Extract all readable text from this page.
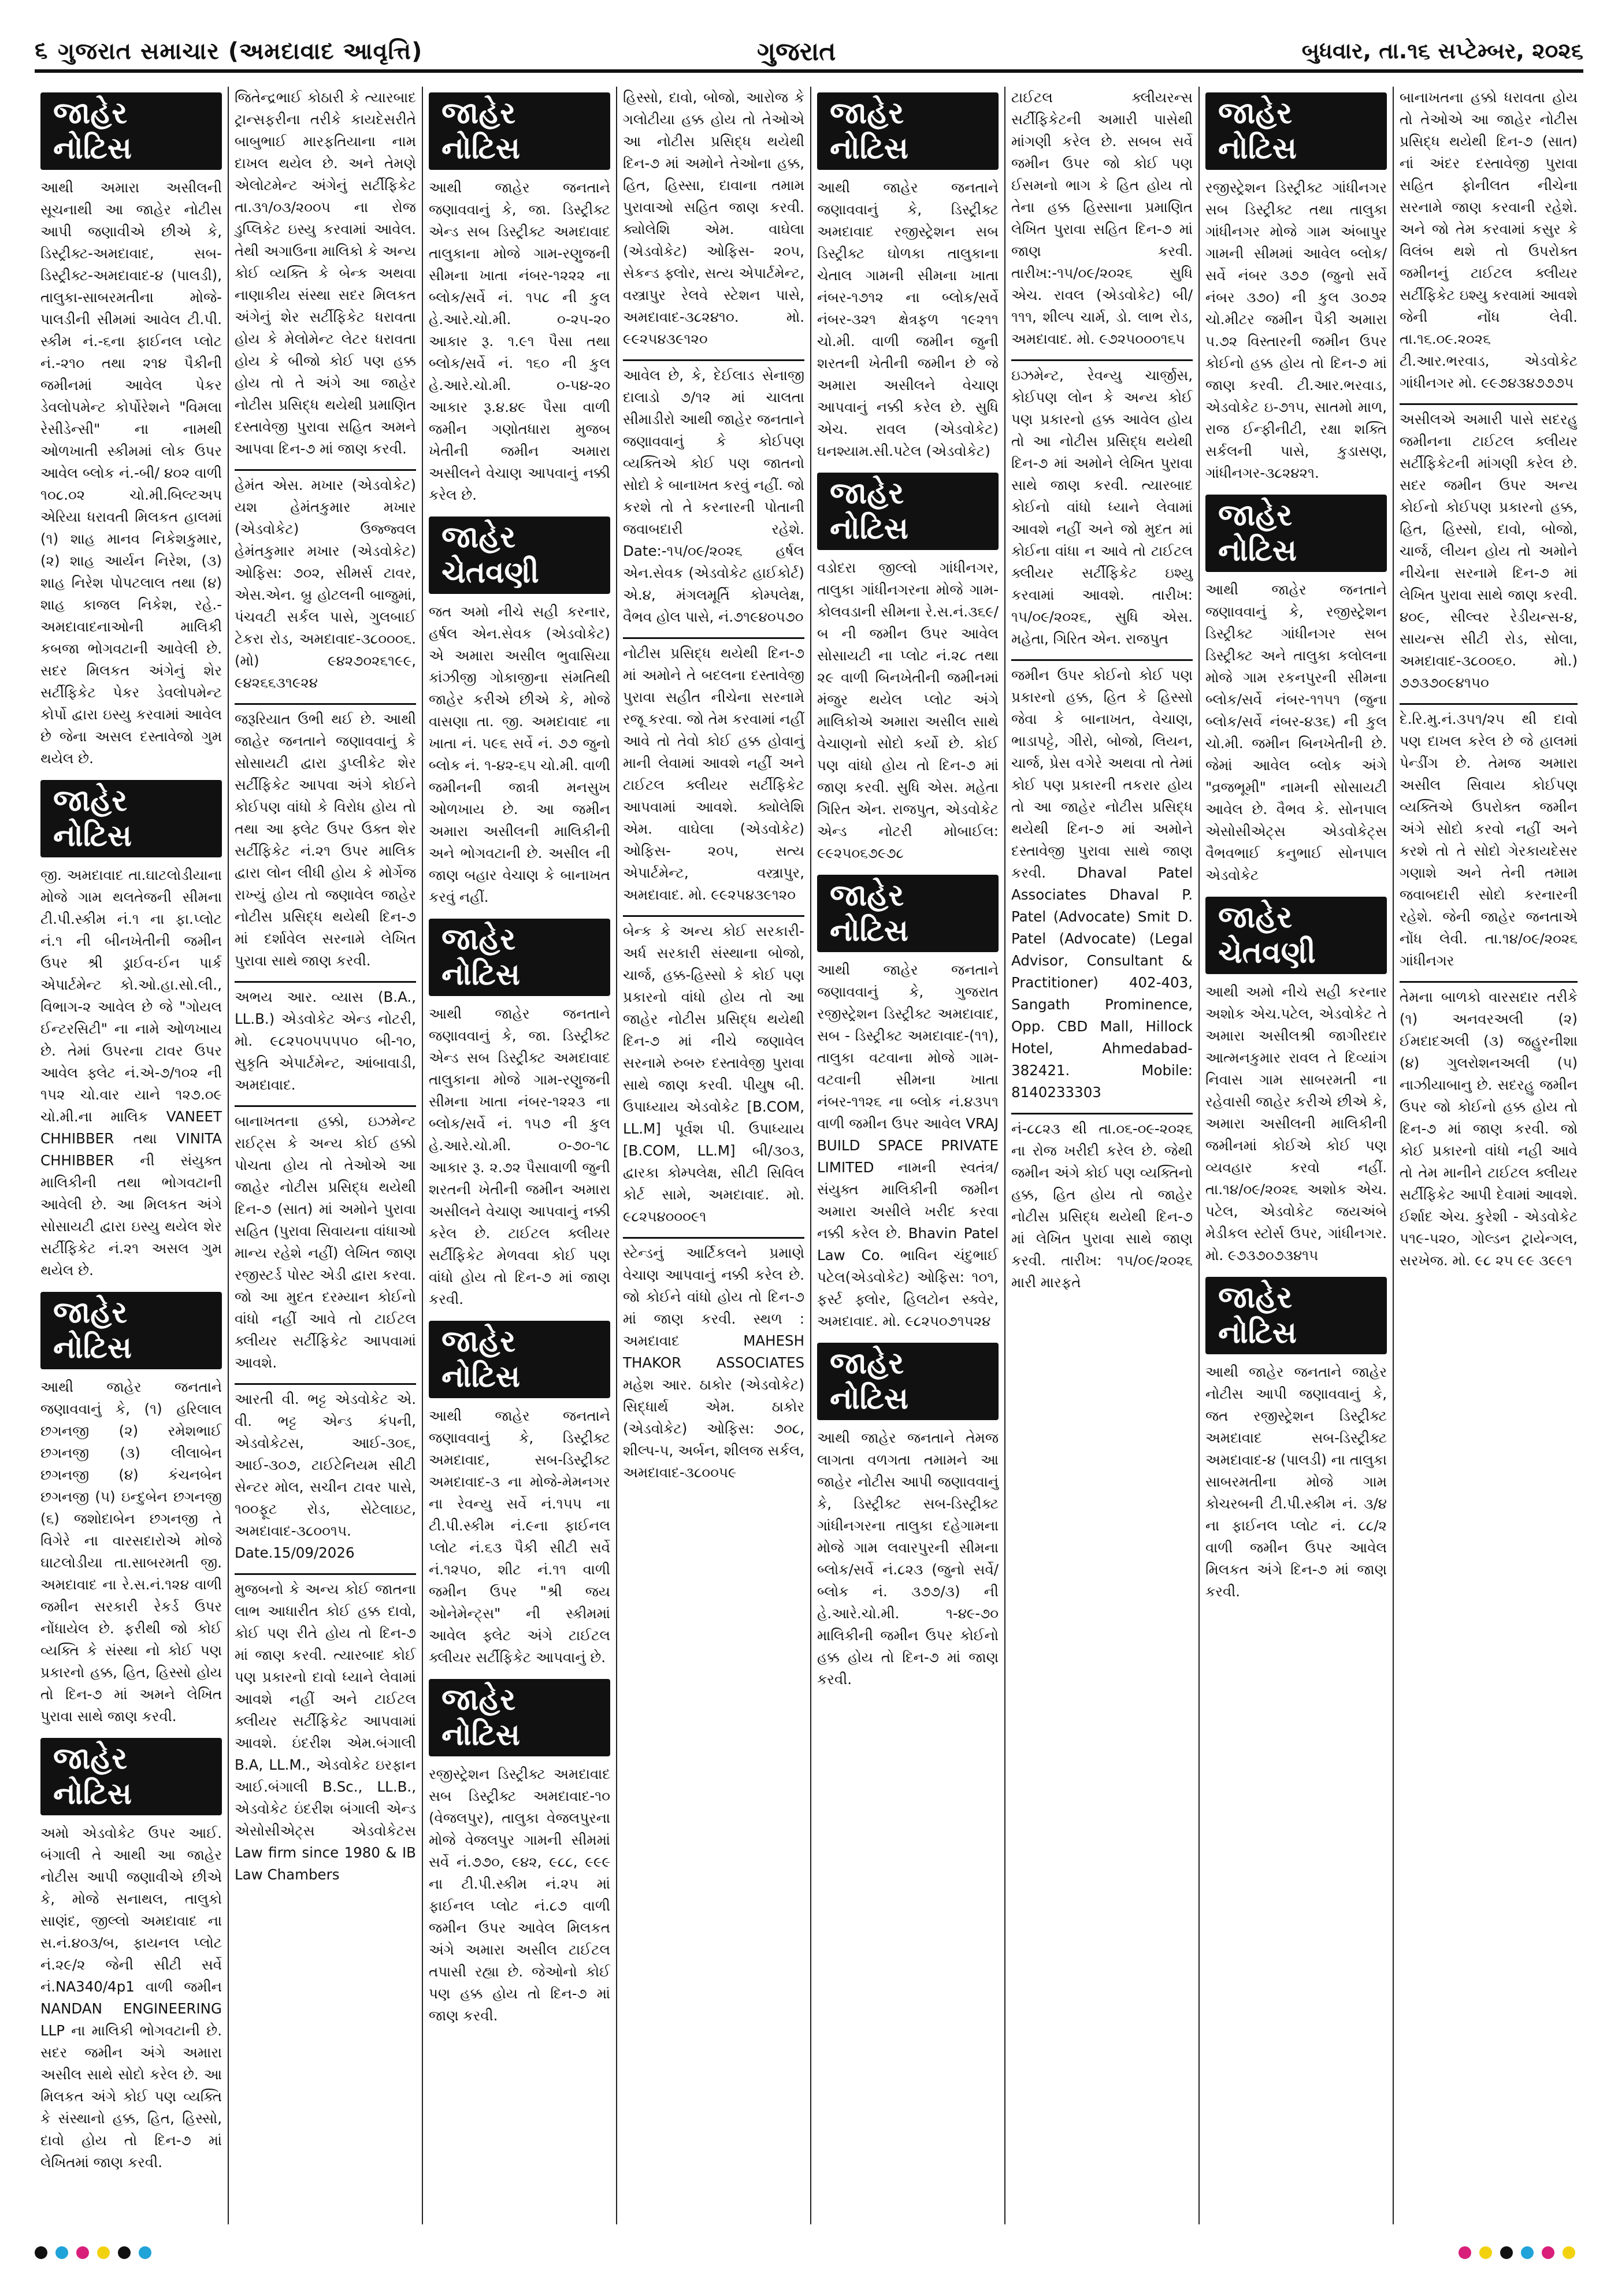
૬ ગુજરાત સમાચાર (અમદાવાદ આવૃત્તિ)	ગુજરાત	બુધવાર, તા.૧૬ સપ્ટેમ્બર, ૨૦૨૬
જાહેર નોટિસ

આથી અમારા અસીલની સૂચનાથી આ જાહેર નોટીસ આપી જણાવીએ છીએ કે, ડિસ્ટ્રીક્ટ-અમદાવાદ, સબ-ડિસ્ટ્રીક્ટ-અમદાવાદ-૪ (પાલડી), તાલુકા-સાબરમતીના મોજે-પાલડીની સીમમાં આવેલ ટી.પી. સ્કીમ નં.-૬ના ફાઈનલ પ્લોટ નં.-૨૧૦ તથા ૨૧૪ પૈકીની જમીનમાં આવેલ પેકર ડેવલોપમેન્ટ કોર્પોરેશને "વિમલા રેસીડેન્સી" ના નામથી ઓળખાતી સ્કીમમાં લોક ઉપર આવેલ બ્લોક નં.-બી/ ૪૦૨ વાળી ૧૦૮.૦૨ ચો.મી.બિલ્ટઅપ એરિયા ધરાવતી મિલકત હાલમાં (૧) શાહ માનવ નિકેશકુમાર, (૨) શાહ આર્યન નિરેશ, (૩) શાહ નિરેશ પોપટલાલ તથા (૪) શાહ કાજલ નિકેશ, રહે.-અમદાવાદનાઓની માલિકી કબજા ભોગવટાની આવેલી છે. સદર મિલકત અંગેનું શેર સર્ટીફિકેટ પેકર ડેવલોપમેન્ટ કોર્પો દ્વારા ઇસ્યુ કરવામાં આવેલ છે જેના અસલ દસ્તાવેજો ગુમ થયેલ છે.

જાહેર નોટિસ

જી. અમદાવાદ તા.ઘાટલોડીયાના મોજે ગામ થલતેજની સીમના ટી.પી.સ્કીમ નં.૧ ના ફા.પ્લોટ નં.૧ ની બીનખેતીની જમીન ઉપર શ્રી ડ્રાઈવ-ઈન પાર્ક એપાર્ટમેન્ટ કો.ઓ.હા.સો.લી., વિભાગ-૨ આવેલ છે જે "ગોયલ ઈન્ટરસિટી" ના નામે ઓળખાય છે. તેમાં ઉપરના ટાવર ઉપર આવેલ ફ્લેટ નં.એ-૭/૧૦૨ ની ૧૫૨ ચો.વાર યાને ૧૨૭.૦૯ ચો.મી.ના માલિક VANEET CHHIBBER તથા VINITA CHHIBBER ની સંયુક્ત માલિકીની તથા ભોગવટાની આવેલી છે. આ મિલકત અંગે સોસાયટી દ્વારા ઇસ્યુ થયેલ શેર સર્ટીફિકેટ નં.૨૧ અસલ ગુમ થયેલ છે.

જાહેર નોટિસ

આથી જાહેર જનતાને જણાવવાનું કે, (૧) હરિલાલ છગનજી (૨) રમેશભાઈ છગનજી (૩) લીલાબેન છગનજી (૪) કંચનબેન છગનજી (૫) ઇન્દુબેન છગનજી (૬) જશોદાબેન છગનજી તે વિગેરે ના વારસદારોએ મોજે ઘાટલોડીયા તા.સાબરમતી જી. અમદાવાદ ના રે.સ.નં.૧૨૪ વાળી જમીન સરકારી રેકર્ડ ઉપર નોંધાયેલ છે. ફરીથી જો કોઈ વ્યક્તિ કે સંસ્થા નો કોઈ પણ પ્રકારનો હક્ક, હિત, હિસ્સો હોય તો દિન-૭ માં અમને લેખિત પુરાવા સાથે જાણ કરવી.

જાહેર નોટિસ

અમો એડવોકેટ ઉપર આઈ. બંગાલી તે આથી આ જાહેર નોટીસ આપી જણાવીએ છીએ કે, મોજે સનાથલ, તાલુકો સાણંદ, જીલ્લો અમદાવાદ ના સ.નં.૪૦૩/બ, ફાયનલ પ્લોટ નં.૨૯/૨ જેની સીટી સર્વે નં.NA340/4p1 વાળી જમીન NANDAN ENGINEERING LLP ના માલિકી ભોગવટાની છે. સદર જમીન અંગે અમારા અસીલ સાથે સોદો કરેલ છે. આ મિલકત અંગે કોઈ પણ વ્યક્તિ કે સંસ્થાનો હક્ક, હિત, હિસ્સો, દાવો હોય તો દિન-૭ માં લેખિતમાં જાણ કરવી.

જિતેન્દ્રભાઈ કોઠારી કે ત્યારબાદ ટ્રાન્સફરીના તરીકે કાયદેસરીતે બાબુભાઈ મારફતિયાના નામ દાખલ થયેલ છે. અને તેમણે એલોટમેન્ટ અંગેનું સર્ટીફિકેટ તા.૩૧/૦૩/૨૦૦૫ ના રોજ ડુપ્લિકેટ ઇસ્યુ કરવામાં આવેલ. તેથી અગાઉના માલિકો કે અન્ય કોઈ વ્યક્તિ કે બેન્ક અથવા નાણાકીય સંસ્થા સદર મિલકત અંગેનું શેર સર્ટીફિકેટ ધરાવતા હોય કે મેલોમેન્ટ લેટર ધરાવતા હોય કે બીજો કોઈ પણ હક્ક હોય તો તે અંગે આ જાહેર નોટીસ પ્રસિદ્ધ થયેથી પ્રમાણિત દસ્તાવેજી પુરાવા સહિત અમને આપવા દિન-૭ માં જાણ કરવી.

હેમંત એસ. મખાર (એડવોકેટ) યશ હેમંતકુમાર મખાર (એડવોકેટ) ઉજ્જ્વલ હેમંતકુમાર મખાર (એડવોકેટ) ઓફિસ: ૭૦૨, સીમર્સ ટાવર, એસ.એન. બ્રુ હોટલની બાજુમાં, પંચવટી સર્કલ પાસે, ગુલબાઈ ટેકરા રોડ, અમદાવાદ-૩૮૦૦૦૬. (મો) ૯૪૨૭૦૨૬૧૯૯, ૯૪૨૬૬૩૧૯૨૪

જરૂરિયાત ઉભી થઈ છે. આથી જાહેર જનતાને જણાવવાનું કે સોસાયટી દ્વારા ડુપ્લીકેટ શેર સર્ટીફિકેટ આપવા અંગે કોઈને કોઈપણ વાંધો કે વિરોધ હોય તો તથા આ ફ્લેટ ઉપર ઉક્ત શેર સર્ટીફિકેટ નં.૨૧ ઉપર માલિક દ્વારા લોન લીધી હોય કે મોર્ગેજ રાખ્યું હોય તો જણાવેલ જાહેર નોટીસ પ્રસિદ્ધ થયેથી દિન-૭ માં દર્શાવેલ સરનામે લેખિત પુરાવા સાથે જાણ કરવી.

અભય આર. વ્યાસ (B.A., LL.B.) એડવોકેટ એન્ડ નોટરી, મો. ૯૮૨૫૦૫૫૫૫૦ બી-૧૦, સુકૃતિ એપાર્ટમેન્ટ, આંબાવાડી, અમદાવાદ.

બાનાખતના હક્કો, ઇઝમેન્ટ રાઈટ્સ કે અન્ય કોઈ હક્કો પોચતા હોય તો તેઓએ આ જાહેર નોટીસ પ્રસિદ્ધ થયેથી દિન-૭ (સાત) માં અમોને પુરાવા સહિત (પુરાવા સિવાયના વાંધાઓ માન્ય રહેશે નહીં) લેખિત જાણ રજીસ્ટર્ડ પોસ્ટ એડી દ્વારા કરવા. જો આ મુદત દરમ્યાન કોઈનો વાંધો નહીં આવે તો ટાઈટલ ક્લીયર સર્ટીફિકેટ આપવામાં આવશે.

આરતી વી. ભટ્ટ એડવોકેટ એ. વી. ભટ્ટ એન્ડ કંપની, એડવોકેટસ, આઈ-૩૦૬, આઈ-૩૦૭, ટાઈટેનિયમ સીટી સેન્ટર મોલ, સચીન ટાવર પાસે, ૧૦૦ફૂટ રોડ, સેટેલાઇટ, અમદાવાદ-૩૮૦૦૧૫. Date.15/09/2026

મુજબનો કે અન્ય કોઈ જાતના લાભ આધારીત કોઈ હક્ક દાવો, કોઈ પણ રીતે હોય તો દિન-૭ માં જાણ કરવી. ત્યારબાદ કોઈ પણ પ્રકારનો દાવો ધ્યાને લેવામાં આવશે નહીં અને ટાઈટલ ક્લીયર સર્ટીફિકેટ આપવામાં આવશે. ઇંદરીશ એમ.બંગાલી B.A, LL.M., એડવોકેટ ઇરફાન આઈ.બંગાલી B.Sc., LL.B., એડવોકેટ ઇંદરીશ બંગાલી એન્ડ એસોસીએટ્સ એડવોકેટસ Law firm since 1980 & IB Law Chambers

જાહેર નોટિસ

આથી જાહેર જનતાને જણાવવાનું કે, જા. ડિસ્ટ્રીક્ટ એન્ડ સબ ડિસ્ટ્રીક્ટ અમદાવાદ તાલુકાના મોજે ગામ-રણુજની સીમના ખાતા નંબર-૧૨૨૨ ના બ્લોક/સર્વે નં. ૧૫૮ ની કુલ હે.આરે.ચો.મી. ૦-૨૫-૨૦ આકાર રૂ. ૧.૯૧ પૈસા તથા બ્લોક/સર્વે નં. ૧૬૦ ની કુલ હે.આરે.ચો.મી. ૦-૫૪-૨૦ આકાર રૂ.૪.૪૯ પૈસા વાળી જમીન ગણોતધારા મુજબ ખેતીની જમીન અમારા અસીલને વેચાણ આપવાનું નક્કી કરેલ છે.

જાહેર ચેતવણી

જત અમો નીચે સહી કરનાર, હર્ષલ એન.સેવક (એડવોકેટ) એ અમારા અસીલ ભુવાસિયા કાંઝીજી ગોકાજીના સંમતિથી જાહેર કરીએ છીએ કે, મોજે વાસણા તા. જી. અમદાવાદ ના ખાતા નં. ૫૯૬ સર્વે નં. ૭૭ જુનો બ્લોક નં. ૧-૪૨-૬૫ ચો.મી. વાળી જમીનની જાત્રી મનસુખ ઓળખાય છે. આ જમીન અમારા અસીલની માલિકીની અને ભોગવટાની છે. અસીલ ની જાણ બહાર વેચાણ કે બાનાખત કરવું નહીં.

જાહેર નોટિસ

આથી જાહેર જનતાને જણાવવાનું કે, જા. ડિસ્ટ્રીક્ટ એન્ડ સબ ડિસ્ટ્રીક્ટ અમદાવાદ તાલુકાના મોજે ગામ-રણુજની સીમના ખાતા નંબર-૧૨૨૩ ના બ્લોક/સર્વે નં. ૧૫૭ ની કુલ હે.આરે.ચો.મી. ૦-૭૦-૧૮ આકાર રૂ. ૨.૭૨ પૈસાવાળી જુની શરતની ખેતીની જમીન અમારા અસીલને વેચાણ આપવાનું નક્કી કરેલ છે. ટાઈટલ ક્લીયર સર્ટીફિકેટ મેળવવા કોઈ પણ વાંધો હોય તો દિન-૭ માં જાણ કરવી.

જાહેર નોટિસ

આથી જાહેર જનતાને જણાવવાનું કે, ડિસ્ટ્રીક્ટ અમદાવાદ, સબ-ડિસ્ટ્રીક્ટ અમદાવાદ-૩ ના મોજે-મેમનગર ના રેવન્યુ સર્વે નં.૧૫૫ ના ટી.પી.સ્કીમ નં.૯ના ફાઈનલ પ્લોટ નં.૬૩ પૈકી સીટી સર્વે નં.૧૨૫૦, શીટ નં.૧૧ વાળી જમીન ઉપર "શ્રી જય ઓનેમેન્ટ્સ" ની સ્કીમમાં આવેલ ફ્લેટ અંગે ટાઈટલ ક્લીયર સર્ટીફિકેટ આપવાનું છે.

જાહેર નોટિસ

રજીસ્ટ્રેશન ડિસ્ટ્રીક્ટ અમદાવાદ સબ ડિસ્ટ્રીક્ટ અમદાવાદ-૧૦ (વેજલપુર), તાલુકા વેજલપુરના મોજે વેજલપુર ગામની સીમમાં સર્વે નં.૭૭૦, ૯૪૨, ૯૮૮, ૯૯૯ ના ટી.પી.સ્કીમ નં.૨૫ માં ફાઈનલ પ્લોટ નં.૮૭ વાળી જમીન ઉપર આવેલ મિલકત અંગે અમારા અસીલ ટાઈટલ તપાસી રહ્યા છે. જેઓનો કોઈ પણ હક્ક હોય તો દિન-૭ માં જાણ કરવી.

હિસ્સો, દાવો, બોજો, આરોજ કે ગલોટીયા હક્ક હોય તો તેઓએ આ નોટીસ પ્રસિદ્ધ થયેથી દિન-૭ માં અમોને તેઓના હક્ક, હિત, હિસ્સા, દાવાના તમામ પુરાવાઓ સહિત જાણ કરવી. ક્યોલેશિ એમ. વાઘેલા (એડવોકેટ) ઓફિસ- ૨૦૫, સેકન્ડ ફ્લોર, સત્ય એપાર્ટમેન્ટ, વસ્ત્રાપુર રેલવે સ્ટેશન પાસે, અમદાવાદ-૩૮૨૪૧૦. મો. ૯૯૨૫૪૩૯૧૨૦

આવેલ છે, કે, દેઈલાડ સેનાજી દાલાડો ૭/૧૨ માં ચાલતા સીમાડીરો આથી જાહેર જનતાને જણાવવાનું કે કોઈપણ વ્યક્તિએ કોઈ પણ જાતનો સોદો કે બાનાખત કરવું નહીં. જો કરશે તો તે કરનારની પોતાની જવાબદારી રહેશે. Date:-૧૫/૦૯/૨૦૨૬ હર્ષલ એન.સેવક (એડવોકેટ હાઈકોર્ટ) એ.૪, મંગલમૂર્તિ કોમ્પલેક્ષ, વૈભવ હોલ પાસે, નં.૭૧૯૪૦૫૭૦

નોટીસ પ્રસિદ્ધ થયેથી દિન-૭ માં અમોને તે બદલના દસ્તાવેજી પુરાવા સહીત નીચેના સરનામે રજૂ કરવા. જો તેમ કરવામાં નહીં આવે તો તેવો કોઈ હક્ક હોવાનું માની લેવામાં આવશે નહીં અને ટાઈટલ ક્લીયર સર્ટીફિકેટ આપવામાં આવશે. ક્યોલેશિ એમ. વાઘેલા (એડવોકેટ) ઓફિસ- ૨૦૫, સત્ય એપાર્ટમેન્ટ, વસ્ત્રાપુર, અમદાવાદ. મો. ૯૯૨૫૪૩૯૧૨૦

બેન્ક કે અન્ય કોઈ સરકારી- અર્ધ સરકારી સંસ્થાના બોજો, ચાર્જ, હક્ક-હિસ્સો કે કોઈ પણ પ્રકારનો વાંધો હોય તો આ જાહેર નોટીસ પ્રસિદ્ધ થયેથી દિન-૭ માં નીચે જણાવેલ સરનામે રુબરુ દસ્તાવેજી પુરાવા સાથે જાણ કરવી. પીયુષ બી. ઉપાધ્યાય એડવોકેટ [B.COM, LL.M] પૂર્વશ પી. ઉપાધ્યાય [B.COM, LL.M] બી/૩૦૩, દ્વારકા કોમ્પલેક્ષ, સીટી સિવિલ કોર્ટ સામે, અમદાવાદ. મો. ૯૮૨૫૪૦૦૦૯૧

સ્ટેન્ડનું આર્ટિકલને પ્રમાણે વેચાણ આપવાનું નક્કી કરેલ છે. જો કોઈને વાંધો હોય તો દિન-૭ માં જાણ કરવી. સ્થળ : અમદાવાદ MAHESH THAKOR ASSOCIATES મહેશ આર. ઠાકોર (એડવોકેટ) સિદ્ધાર્થ એમ. ઠાકોર (એડવોકેટ) ઓફિસ: ૭૦૮, શીલ્પ-૫, અર્બન, શીલજ સર્કલ, અમદાવાદ-૩૮૦૦૫૯

જાહેર નોટિસ

આથી જાહેર જનતાને જણાવવાનું કે, ડિસ્ટ્રીક્ટ અમદાવાદ રજીસ્ટ્રેશન સબ ડિસ્ટ્રીક્ટ ઘોળકા તાલુકાના ચેતાલ ગામની સીમના ખાતા નંબર-૧૭૧૨ ના બ્લોક/સર્વે નંબર-૩૨૧ ક્ષેત્રફળ ૧૯૨૧૧ ચો.મી. વાળી જમીન જુની શરતની ખેતીની જમીન છે જે અમારા અસીલને વેચાણ આપવાનું નક્કી કરેલ છે. સુધિ એચ. રાવલ (એડવોકેટ) ઘનશ્યામ.સી.પટેલ (એડવોકેટ)

જાહેર નોટિસ

વડોદરા જીલ્લો ગાંધીનગર, તાલુકા ગાંધીનગરના મોજે ગામ-કોલવડાની સીમના રે.સ.નં.૩૬૯/બ ની જમીન ઉપર આવેલ સોસાયટી ના પ્લોટ નં.૨૮ તથા ૨૯ વાળી બિનખેતીની જમીનમાં મંજુર થયેલ પ્લોટ અંગે માલિકોએ અમારા અસીલ સાથે વેચાણનો સોદો કર્યો છે. કોઈ પણ વાંધો હોય તો દિન-૭ માં જાણ કરવી. સુધિ એસ. મહેતા ગિરિત એન. રાજપુત, એડવોકેટ એન્ડ નોટરી મોબાઈલ: ૯૯૨૫૦૬૭૯૭૮

જાહેર નોટિસ

આથી જાહેર જનતાને જણાવવાનું કે, ગુજરાત રજીસ્ટ્રેશન ડિસ્ટ્રીક્ટ અમદાવાદ, સબ - ડિસ્ટ્રીક્ટ અમદાવાદ-(૧૧), તાલુકા વટવાના મોજે ગામ-વટવાની સીમના ખાતા નંબર-૧૧૨૬ ના બ્લોક નં.૪૩૫૧ વાળી જમીન ઉપર આવેલ VRAJ BUILD SPACE PRIVATE LIMITED નામની સ્વતંત્ર/સંયુક્ત માલિકીની જમીન અમારા અસીલે ખરીદ કરવા નક્કી કરેલ છે. Bhavin Patel Law Co. ભાવિન ચંદુભાઈ પટેલ(એડવોકેટ) ઓફિસ: ૧૦૧, ફર્સ્ટ ફ્લોર, હિલટોન સ્ક્વેર, અમદાવાદ. મો. ૯૮૨૫૦૭૧૫૨૪

જાહેર નોટિસ

આથી જાહેર જનતાને તેમજ લાગતા વળગતા તમામને આ જાહેર નોટીસ આપી જણાવવાનું કે, ડિસ્ટ્રીક્ટ સબ-ડિસ્ટ્રીક્ટ ગાંધીનગરના તાલુકા દહેગામના મોજે ગામ લવારપુરની સીમના બ્લોક/સર્વે નં.૮૨૩ (જુનો સર્વે/બ્લોક નં. ૩૭૭/૩) ની હે.આરે.ચો.મી. ૧-૪૯-૭૦ માલિકીની જમીન ઉપર કોઈનો હક્ક હોય તો દિન-૭ માં જાણ કરવી.

ટાઈટલ ક્લીયરન્સ સર્ટીફિકેટની અમારી પાસેથી માંગણી કરેલ છે. સબબ સર્વે જમીન ઉપર જો કોઈ પણ ઈસમનો ભાગ કે હિત હોય તો તેના હક્ક હિસ્સાના પ્રમાણિત લેખિત પુરાવા સહિત દિન-૭ માં જાણ કરવી. તારીખ:-૧૫/૦૯/૨૦૨૬ સુધિ એચ. રાવલ (એડવોકેટ) બી/૧૧૧, શીલ્પ ચાર્મ, ડો. લાભ રોડ, અમદાવાદ. મો. ૯૭૨૫૦૦૦૧૬૫

ઇઝમેન્ટ, રેવન્યુ ચાર્જીસ, કોઈપણ લોન કે અન્ય કોઈ પણ પ્રકારનો હક્ક આવેલ હોય તો આ નોટીસ પ્રસિદ્ધ થયેથી દિન-૭ માં અમોને લેખિત પુરાવા સાથે જાણ કરવી. ત્યારબાદ કોઈનો વાંધો ધ્યાને લેવામાં આવશે નહીં અને જો મુદત માં કોઈના વાંધા ન આવે તો ટાઈટલ ક્લીયર સર્ટીફિકેટ ઇશ્યુ કરવામાં આવશે. તારીખ: ૧૫/૦૯/૨૦૨૬, સુધિ એસ. મહેતા, ગિરિત એન. રાજપુત

જમીન ઉપર કોઈનો કોઈ પણ પ્રકારનો હક્ક, હિત કે હિસ્સો જેવા કે બાનાખત, વેચાણ, ભાડાપટ્ટે, ગીરો, બોજો, લિયન, ચાર્જ, પ્રેસ વગેરે અથવા તો તેમાં કોઈ પણ પ્રકારની તકરાર હોય તો આ જાહેર નોટીસ પ્રસિદ્ધ થયેથી દિન-૭ માં અમોને દસ્તાવેજી પુરાવા સાથે જાણ કરવી. Dhaval Patel Associates Dhaval P. Patel (Advocate) Smit D. Patel (Advocate) (Legal Advisor, Consultant & Practitioner) 402-403, Sangath Prominence, Opp. CBD Mall, Hillock Hotel, Ahmedabad-382421. Mobile: 8140233303

નં-૮૮૨૩ થી તા.૦૬-૦૯-૨૦૨૬ ના રોજ ખરીદી કરેલ છે. જેથી જમીન અંગે કોઈ પણ વ્યક્તિનો હક્ક, હિત હોય તો જાહેર નોટીસ પ્રસિદ્ધ થયેથી દિન-૭ માં લેખિત પુરાવા સાથે જાણ કરવી. તારીખ: ૧૫/૦૯/૨૦૨૬ મારી મારફતે

જાહેર નોટિસ

રજીસ્ટ્રેશન ડિસ્ટ્રીક્ટ ગાંધીનગર સબ ડિસ્ટ્રીક્ટ તથા તાલુકા ગાંધીનગર મોજે ગામ અંબાપુર ગામની સીમમાં આવેલ બ્લોક/સર્વે નંબર ૩૭૭ (જુનો સર્વે નંબર ૩૭૦) ની કુલ ૩૦૭૨ ચો.મીટર જમીન પૈકી અમારા ૫.૭૨ વિસ્તારની જમીન ઉપર કોઈનો હક્ક હોય તો દિન-૭ માં જાણ કરવી. ટી.આર.ભરવાડ, એડવોકેટ ઇ-૭૧૫, સાતમો માળ, રાજ ઈન્ફીનીટી, રક્ષા શક્તિ સર્કલની પાસે, કુડાસણ, ગાંધીનગર-૩૮૨૪૨૧.

જાહેર નોટિસ

આથી જાહેર જનતાને જણાવવાનું કે, રજીસ્ટ્રેશન ડિસ્ટ્રીક્ટ ગાંધીનગર સબ ડિસ્ટ્રીક્ટ અને તાલુકા કલોલના મોજે ગામ રકનપુરની સીમના બ્લોક/સર્વે નંબર-૧૧૫૧ (જુના બ્લોક/સર્વે નંબર-૪૩૬) ની કુલ ચો.મી. જમીન બિનખેતીની છે. જેમાં આવેલ બ્લોક અંગે "વ્રજભૂમી" નામની સોસાયટી આવેલ છે. વૈભવ કે. સોનપાલ એસોસીએટ્સ એડવોકેટ્સ વૈભવભાઈ કનુભાઈ સોનપાલ એડવોકેટ

જાહેર ચેતવણી

આથી અમો નીચે સહી કરનાર અશોક એચ.પટેલ, એડવોકેટ તે અમારા અસીલશ્રી જાગીરદાર આત્મનકુમાર રાવલ તે દિવ્યાંગ નિવાસ ગામ સાબરમતી ના રહેવાસી જાહેર કરીએ છીએ કે, અમારા અસીલની માલિકીની જમીનમાં કોઈએ કોઈ પણ વ્યવહાર કરવો નહીં. તા.૧૪/૦૯/૨૦૨૬ અશોક એચ. પટેલ, એડવોકેટ જયઅંબે મેડીકલ સ્ટોર્સ ઉપર, ગાંધીનગર. મો. ૯૭૩૭૦૭૩૪૧૫

જાહેર નોટિસ

આથી જાહેર જનતાને જાહેર નોટીસ આપી જણાવવાનું કે, જત રજીસ્ટ્રેશન ડિસ્ટ્રીક્ટ અમદાવાદ સબ-ડિસ્ટ્રીક્ટ અમદાવાદ-૪ (પાલડી) ના તાલુકા સાબરમતીના મોજે ગામ કોચરબની ટી.પી.સ્કીમ નં. ૩/૪ ના ફાઈનલ પ્લોટ નં. ૮૮/૨ વાળી જમીન ઉપર આવેલ મિલકત અંગે દિન-૭ માં જાણ કરવી.

બાનાખતના હક્કો ધરાવતા હોય તો તેઓએ આ જાહેર નોટીસ પ્રસિદ્ધ થયેથી દિન-૭ (સાત) નાં અંદર દસ્તાવેજી પુરાવા સહિત ફોનીલત નીચેના સરનામે જાણ કરવાની રહેશે. અને જો તેમ કરવામાં કસુર કે વિલંબ થશે તો ઉપરોક્ત જમીનનું ટાઈટલ ક્લીયર સર્ટીફિકેટ ઇશ્યુ કરવામાં આવશે જેની નોંધ લેવી. તા.૧૬.૦૯.૨૦૨૬ ટી.આર.ભરવાડ, એડવોકેટ ગાંધીનગર મો. ૯૯૭૪૩૪૭૭૭૫

અસીલએ અમારી પાસે સદરહુ જમીનના ટાઈટલ ક્લીયર સર્ટીફિકેટની માંગણી કરેલ છે. સદર જમીન ઉપર અન્ય કોઈનો કોઈપણ પ્રકારનો હક્ક, હિત, હિસ્સો, દાવો, બોજો, ચાર્જ, લીયન હોય તો અમોને નીચેના સરનામે દિન-૭ માં લેખિત પુરાવા સાથે જાણ કરવી. ૪૦૯, સીલ્વર રેડીયન્સ-૪, સાયન્સ સીટી રોડ, સોલા, અમદાવાદ-૩૮૦૦૬૦. મો.) ૭૭૩૭૦૯૪૧૫૦

દે.રિ.મુ.નં.૩૫૧/૨૫ થી દાવો પણ દાખલ કરેલ છે જે હાલમાં પેન્ડીંગ છે. તેમજ અમારા અસીલ સિવાય કોઈપણ વ્યક્તિએ ઉપરોક્ત જમીન અંગે સોદો કરવો નહીં અને કરશે તો તે સોદો ગેરકાયદેસર ગણાશે અને તેની તમામ જવાબદારી સોદો કરનારની રહેશે. જેની જાહેર જનતાએ નોંધ લેવી. તા.૧૪/૦૯/૨૦૨૬ ગાંધીનગર

તેમના બાળકો વારસદાર તરીકે (૧) અનવરઅલી (૨) ઈમદાદઅલી (૩) જહુરનીશા (૪) ગુલરોશનઅલી (૫) નાઝીયાબાનુ છે. સદરહુ જમીન ઉપર જો કોઈનો હક્ક હોય તો દિન-૭ માં જાણ કરવી. જો કોઈ પ્રકારનો વાંધો નહી આવે તો તેમ માનીને ટાઈટલ ક્લીયર સર્ટીફિકેટ આપી દેવામાં આવશે. ઈર્શાદ એચ. કુરેશી - એડવોકેટ ૫૧૯-૫૨૦, ગોલ્ડન ટ્રાયેન્ગલ, સરખેજ. મો. ૯૮ ૨૫ ૯૯ ૩૯૯૧
